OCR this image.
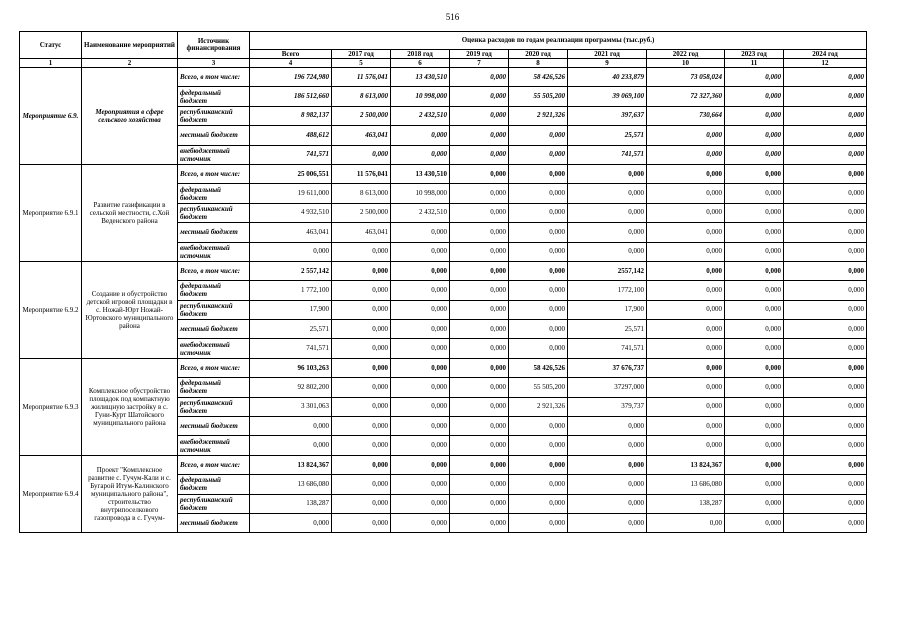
516
Статус	Наименование мероприятий	Источник финансирования	Оценка расходов по годам реализации программы (тыс.руб.)								
			Всего	2017 год	2018 год	2019 год	2020 год	2021 год	2022 год	2023 год	2024 год
1	2	3	4	5	6	7	8	9	10	11	12
Мероприятие 6.9.	Мероприятия в сфере сельского хозяйства	Всего, в том числе:	196 724,980	11 576,041	13 430,510	0,000	58 426,526	40 233,879	73 058,024	0,000	0,000
		федеральный бюджет	186 512,660	8 613,000	10 998,000	0,000	55 505,200	39 069,100	72 327,360	0,000	0,000
		республиканский бюджет	8 982,137	2 500,000	2 432,510	0,000	2 921,326	397,637	730,664	0,000	0,000
		местный бюджет	488,612	463,041	0,000	0,000	0,000	25,571	0,000	0,000	0,000
		внебюджетный источник	741,571	0,000	0,000	0,000	0,000	741,571	0,000	0,000	0,000
Мероприятие 6.9.1	Развитие газификации в сельской местности, с.Хой Веденского района	Всего, в том числе:	25 006,551	11 576,041	13 430,510	0,000	0,000	0,000	0,000	0,000	0,000
		федеральный бюджет	19 611,000	8 613,000	10 998,000	0,000	0,000	0,000	0,000	0,000	0,000
		республиканский бюджет	4 932,510	2 500,000	2 432,510	0,000	0,000	0,000	0,000	0,000	0,000
		местный бюджет	463,041	463,041	0,000	0,000	0,000	0,000	0,000	0,000	0,000
		внебюджетный источник	0,000	0,000	0,000	0,000	0,000	0,000	0,000	0,000	0,000
Мероприятие 6.9.2	Создание и обустройство детской игровой площадки в с. Ножай-Юрт Ножай-Юртовского муниципального района	Всего, в том числе:	2 557,142	0,000	0,000	0,000	0,000	2557,142	0,000	0,000	0,000
		федеральный бюджет	1 772,100	0,000	0,000	0,000	0,000	1772,100	0,000	0,000	0,000
		республиканский бюджет	17,900	0,000	0,000	0,000	0,000	17,900	0,000	0,000	0,000
		местный бюджет	25,571	0,000	0,000	0,000	0,000	25,571	0,000	0,000	0,000
		внебюджетный источник	741,571	0,000	0,000	0,000	0,000	741,571	0,000	0,000	0,000
Мероприятие 6.9.3	Комплексное обустройство площадок под компактную жилищную застройку в с. Гуни-Курт Шатойского муниципального района	Всего, в том числе:	96 103,263	0,000	0,000	0,000	58 426,526	37 676,737	0,000	0,000	0,000
		федеральный бюджет	92 802,200	0,000	0,000	0,000	55 505,200	37297,000	0,000	0,000	0,000
		республиканский бюджет	3 301,063	0,000	0,000	0,000	2 921,326	379,737	0,000	0,000	0,000
		местный бюджет	0,000	0,000	0,000	0,000	0,000	0,000	0,000	0,000	0,000
		внебюджетный источник	0,000	0,000	0,000	0,000	0,000	0,000	0,000	0,000	0,000
Мероприятие 6.9.4	Проект "Комплексное развитие с. Гучум-Кали и с. Бугарой Итум-Калинского муниципального района", строительство внутрипоселкового газопровода в с. Гучум-	Всего, в том числе:	13 824,367	0,000	0,000	0,000	0,000	0,000	13 824,367	0,000	0,000
		федеральный бюджет	13 686,080	0,000	0,000	0,000	0,000	0,000	13 686,080	0,000	0,000
		республиканский бюджет	138,287	0,000	0,000	0,000	0,000	0,000	138,287	0,000	0,000
		местный бюджет	0,000	0,000	0,000	0,000	0,000	0,000	0,00	0,000	0,000
